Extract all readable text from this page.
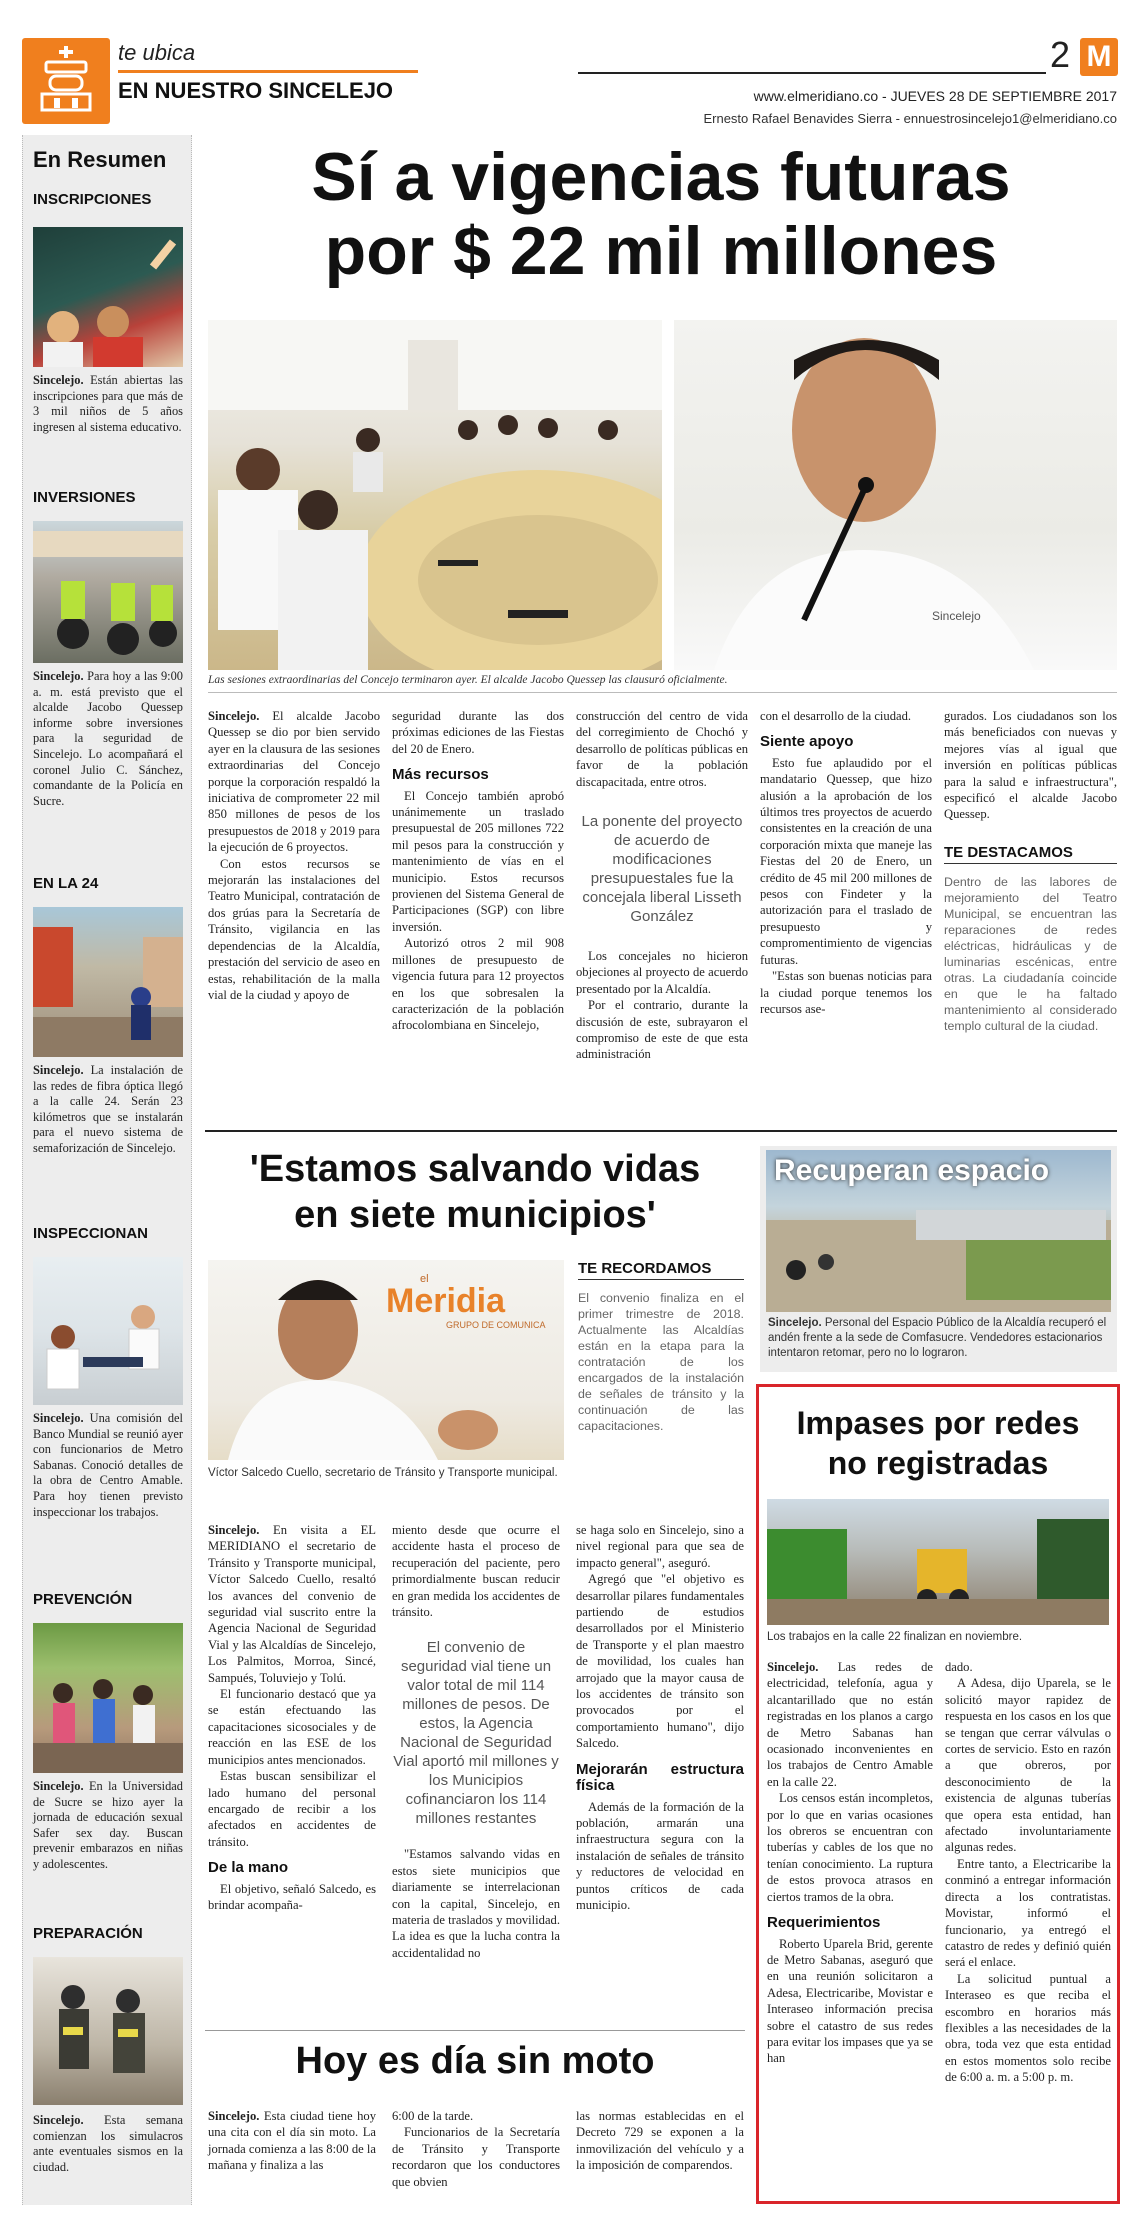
te ubica
EN NUESTRO SINCELEJO
2 M
www.elmeridiano.co - JUEVES 28 DE SEPTIEMBRE 2017
Ernesto Rafael Benavides Sierra - ennuestrosincelejo1@elmeridiano.co
En Resumen
INSCRIPCIONES
Sincelejo. Están abiertas las inscripciones para que más de 3 mil niños de 5 años ingresen al sistema educativo.
INVERSIONES
Sincelejo. Para hoy a las 9:00 a. m. está previsto que el alcalde Jacobo Quessep informe sobre inversiones para la seguridad de Sincelejo. Lo acompañará el coronel Julio C. Sánchez, comandante de la Policía en Sucre.
EN LA 24
Sincelejo. La instalación de las redes de fibra óptica llegó a la calle 24. Serán 23 kilómetros que se instalarán para el nuevo sistema de semaforización de Sincelejo.
INSPECCIONAN
Sincelejo. Una comisión del Banco Mundial se reunió ayer con funcionarios de Metro Sabanas. Conoció detalles de la obra de Centro Amable. Para hoy tienen previsto inspeccionar los trabajos.
PREVENCIÓN
Sincelejo. En la Universidad de Sucre se hizo ayer la jornada de educación sexual Safer sex day. Buscan prevenir embarazos en niñas y adolescentes.
PREPARACIÓN
Sincelejo. Esta semana comienzan los simulacros ante eventuales sismos en la ciudad.
Sí a vigencias futuras
por $ 22 mil millones
Sincelejo
Las sesiones extraordinarias del Concejo terminaron ayer. El alcalde Jacobo Quessep las clausuró oficialmente.

Sincelejo. El alcalde Jacobo Quessep se dio por bien servido ayer en la clausura de las sesiones extraordinarias del Concejo porque la corporación respaldó la iniciativa de comprometer 22 mil 850 millones de pesos de los presupuestos de 2018 y 2019 para la ejecución de 6 proyectos.

Con estos recursos se mejorarán las instalaciones del Teatro Municipal, contratación de dos grúas para la Secretaría de Tránsito, vigilancia en las dependencias de la Alcaldía, prestación del servicio de aseo en estas, rehabilitación de la malla vial de la ciudad y apoyo de

seguridad durante las dos próximas ediciones de las Fiestas del 20 de Enero.

Más recursos

El Concejo también aprobó unánimemente un traslado presupuestal de 205 millones 722 mil pesos para la construcción y mantenimiento de vías en el municipio. Estos recursos provienen del Sistema General de Participaciones (SGP) con libre inversión.

Autorizó otros 2 mil 908 millones de presupuesto de vigencia futura para 12 proyectos en los que sobresalen la caracterización de la población afrocolombiana en Sincelejo,

construcción del centro de vida del corregimiento de Chochó y desarrollo de políticas públicas en favor de la población discapacitada, entre otros.

La ponente del proyecto de acuerdo de modificaciones presupuestales fue la concejala liberal Lisseth González

Los concejales no hicieron objeciones al proyecto de acuerdo presentado por la Alcaldía.

Por el contrario, durante la discusión de este, subrayaron el compromiso de este de que esta administración

con el desarrollo de la ciudad.

Siente apoyo

Esto fue aplaudido por el mandatario Quessep, que hizo alusión a la aprobación de los últimos tres proyectos de acuerdo consistentes en la creación de una corporación mixta que maneje las Fiestas del 20 de Enero, un crédito de 45 mil 200 millones de pesos con Findeter y la autorización para el traslado de presupuesto y compromentimiento de vigencias futuras.

"Estas son buenas noticias para la ciudad porque tenemos los recursos ase-

gurados. Los ciudadanos son los más beneficiados con nuevas y mejores vías al igual que inversión en políticas públicas para la salud e infraestructura", especificó el alcalde Jacobo Quessep.

TE DESTACAMOS
Dentro de las labores de mejoramiento del Teatro Municipal, se encuentran las reparaciones de redes eléctricas, hidráulicas y de luminarias escénicas, entre otras. La ciudadanía coincide en que le ha faltado mantenimiento al considerado templo cultural de la ciudad.
'Estamos salvando vidas
en siete municipios'
el
Meridia
GRUPO DE COMUNICA
Víctor Salcedo Cuello, secretario de Tránsito y Transporte municipal.
TE RECORDAMOS
El convenio finaliza en el primer trimestre de 2018. Actualmente las Alcaldías están en la etapa para la contratación de los encargados de la instalación de señales de tránsito y la continuación de las capacitaciones.

Sincelejo. En visita a EL MERIDIANO el secretario de Tránsito y Transporte municipal, Víctor Salcedo Cuello, resaltó los avances del convenio de seguridad vial suscrito entre la Agencia Nacional de Seguridad Vial y las Alcaldías de Sincelejo, Los Palmitos, Morroa, Sincé, Sampués, Toluviejo y Tolú.

El funcionario destacó que ya se están efectuando las capacitaciones sicosociales y de reacción en las ESE de los municipios antes mencionados.

Estas buscan sensibilizar el lado humano del personal encargado de recibir a los afectados en accidentes de tránsito.

De la mano

El objetivo, señaló Salcedo, es brindar acompaña-

miento desde que ocurre el accidente hasta el proceso de recuperación del paciente, pero primordialmente buscan reducir en gran medida los accidentes de tránsito.

El convenio de seguridad vial tiene un valor total de mil 114 millones de pesos. De estos, la Agencia Nacional de Seguridad Vial aportó mil millones y los Municipios cofinanciaron los 114 millones restantes

"Estamos salvando vidas en estos siete municipios que diariamente se interrelacionan con la capital, Sincelejo, en materia de traslados y movilidad. La idea es que la lucha contra la accidentalidad no

se haga solo en Sincelejo, sino a nivel regional para que sea de impacto general", aseguró.

Agregó que "el objetivo es desarrollar pilares fundamentales partiendo de estudios desarrollados por el Ministerio de Transporte y el plan maestro de movilidad, los cuales han arrojado que la mayor causa de los accidentes de tránsito son provocados por el comportamiento humano", dijo Salcedo.

Mejorarán estructura física

Además de la formación de la población, armarán una infraestructura segura con la instalación de señales de tránsito y reductores de velocidad en puntos críticos de cada municipio.

Recuperan espacio
Sincelejo. Personal del Espacio Público de la Alcaldía recuperó el andén frente a la sede de Comfasucre. Vendedores estacionarios intentaron retomar, pero no lo lograron.
Impases por redes
no registradas
Los trabajos en la calle 22 finalizan en noviembre.

Sincelejo. Las redes de electricidad, telefonía, agua y alcantarillado que no están registradas en los planos a cargo de Metro Sabanas han ocasionado inconvenientes en los trabajos de Centro Amable en la calle 22.

Los censos están incompletos, por lo que en varias ocasiones los obreros se encuentran con tuberías y cables de los que no tenían conocimiento. La ruptura de estos provoca atrasos en ciertos tramos de la obra.

Requerimientos

Roberto Uparela Brid, gerente de Metro Sabanas, aseguró que en una reunión solicitaron a Adesa, Electricaribe, Movistar e Interaseo información precisa sobre el catastro de sus redes para evitar los impases que ya se han

dado.

A Adesa, dijo Uparela, se le solicitó mayor rapidez de respuesta en los casos en los que se tengan que cerrar válvulas o cortes de servicio. Esto en razón a que obreros, por desconocimiento de la existencia de algunas tuberías que opera esta entidad, han afectado involuntariamente algunas redes.

Entre tanto, a Electricaribe la conminó a entregar información directa a los contratistas. Movistar, informó el funcionario, ya entregó el catastro de redes y definió quién será el enlace.

La solicitud puntual a Interaseo es que reciba el escombro en horarios más flexibles a las necesidades de la obra, toda vez que esta entidad en estos momentos solo recibe de 6:00 a. m. a 5:00 p. m.

Hoy es día sin moto

Sincelejo. Esta ciudad tiene hoy una cita con el día sin moto. La jornada comienza a las 8:00 de la mañana y finaliza a las

6:00 de la tarde.

Funcionarios de la Secretaría de Tránsito y Transporte recordaron que los conductores que obvien

las normas establecidas en el Decreto 729 se exponen a la inmovilización del vehículo y a la imposición de comparendos.
